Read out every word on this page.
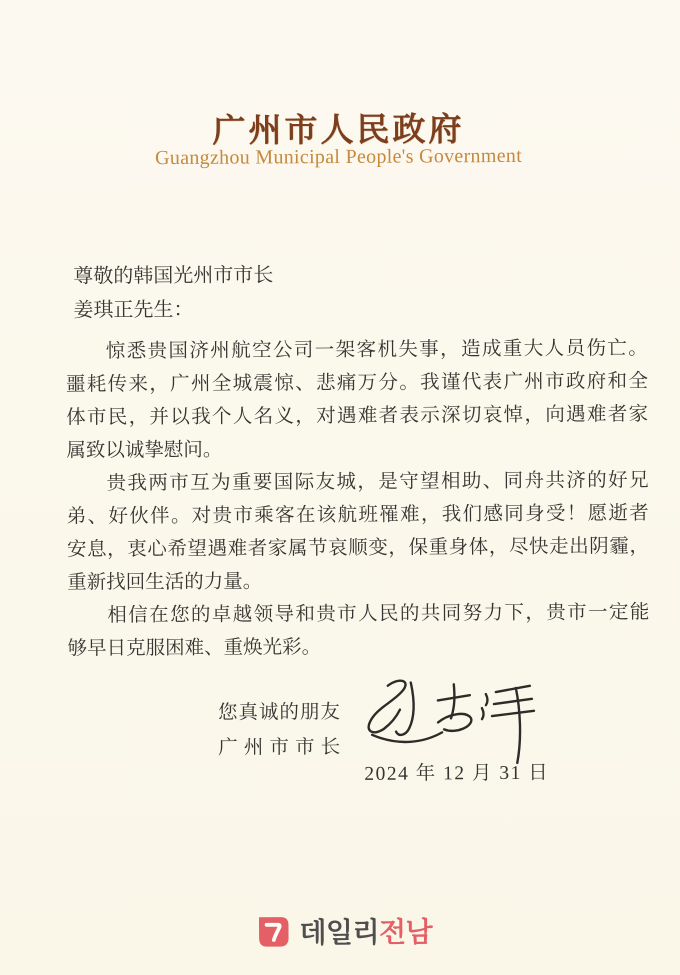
广州市人民政府
Guangzhou Municipal People's Government
尊敬的韩国光州市市长
姜琪正先生：
惊悉贵国济州航空公司一架客机失事，造成重大人员伤亡。
噩耗传来，广州全城震惊、悲痛万分。我谨代表广州市政府和全
体市民，并以我个人名义，对遇难者表示深切哀悼，向遇难者家
属致以诚挚慰问。
贵我两市互为重要国际友城，是守望相助、同舟共济的好兄
弟、好伙伴。对贵市乘客在该航班罹难，我们感同身受！愿逝者
安息，衷心希望遇难者家属节哀顺变，保重身体，尽快走出阴霾，
重新找回生活的力量。
相信在您的卓越领导和贵市人民的共同努力下，贵市一定能
够早日克服困难、重焕光彩。
您真诚的朋友
广州市市长
2024 年 12 月 31 日
데일리 전남
